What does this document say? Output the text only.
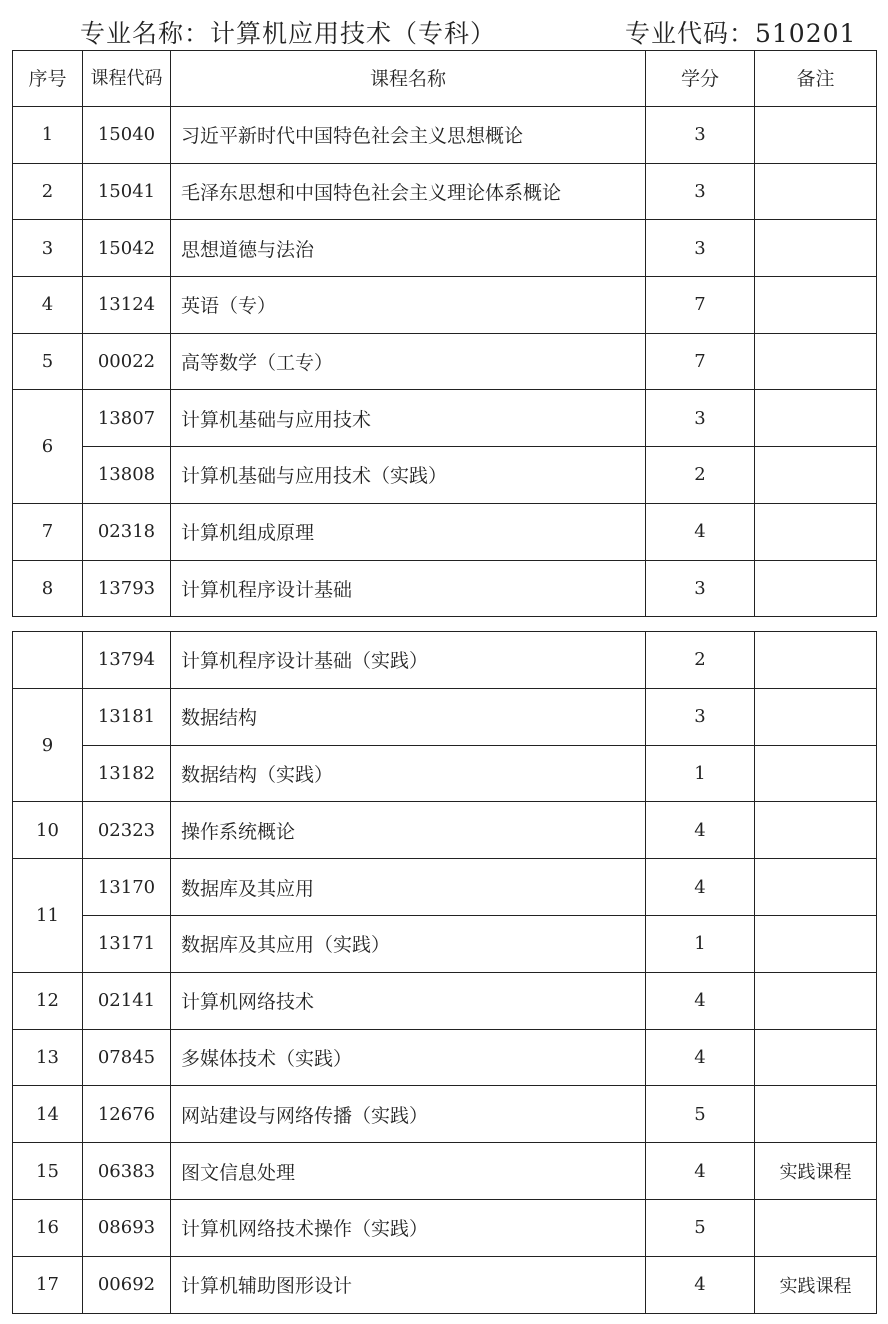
专业名称：计算机应用技术（专科）	专业代码：510201
序号	课程代码	课程名称	学分	备注
1	15040	习近平新时代中国特色社会主义思想概论	3	
2	15041	毛泽东思想和中国特色社会主义理论体系概论	3	
3	15042	思想道德与法治	3	
4	13124	英语（专）	7	
5	00022	高等数学（工专）	7	
6	13807	计算机基础与应用技术	3	
	13808	计算机基础与应用技术（实践）	2	
7	02318	计算机组成原理	4	
8	13793	计算机程序设计基础	3	
	13794	计算机程序设计基础（实践）	2	
9	13181	数据结构	3	
	13182	数据结构（实践）	1	
10	02323	操作系统概论	4	
11	13170	数据库及其应用	4	
	13171	数据库及其应用（实践）	1	
12	02141	计算机网络技术	4	
13	07845	多媒体技术（实践）	4	
14	12676	网站建设与网络传播（实践）	5	
15	06383	图文信息处理	4	实践课程
16	08693	计算机网络技术操作（实践）	5	
17	00692	计算机辅助图形设计	4	实践课程
